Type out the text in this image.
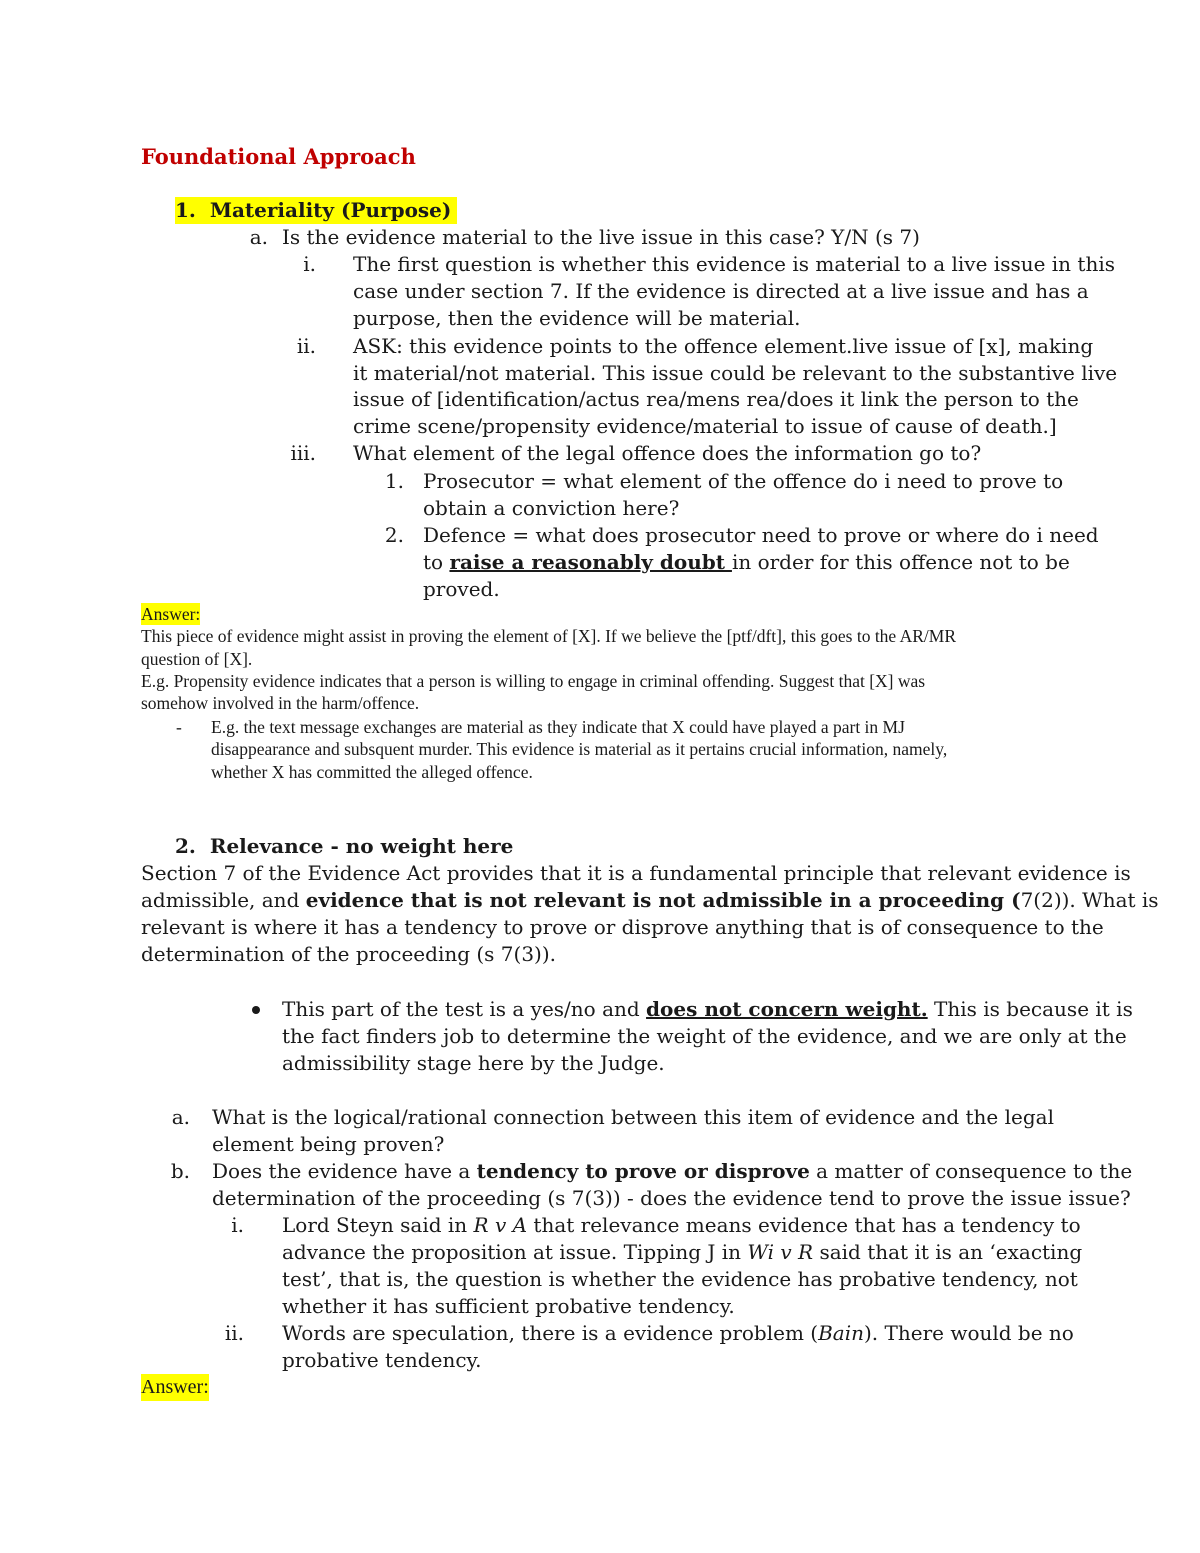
Foundational Approach
1. Materiality (Purpose)
a. Is the evidence material to the live issue in this case? Y/N (s 7)
i. The first question is whether this evidence is material to a live issue in this
case under section 7. If the evidence is directed at a live issue and has a
purpose, then the evidence will be material.
ii. ASK: this evidence points to the offence element.live issue of [x], making
it material/not material. This issue could be relevant to the substantive live
issue of [identification/actus rea/mens rea/does it link the person to the
crime scene/propensity evidence/material to issue of cause of death.]
iii. What element of the legal offence does the information go to?
1. Prosecutor = what element of the offence do i need to prove to
obtain a conviction here?
2. Defence = what does prosecutor need to prove or where do i need
to raise a reasonably doubt in order for this offence not to be
proved.
Answer:
This piece of evidence might assist in proving the element of [X]. If we believe the [ptf/dft], this goes to the AR/MR
question of [X].
E.g. Propensity evidence indicates that a person is willing to engage in criminal offending. Suggest that [X] was
somehow involved in the harm/offence.
- E.g. the text message exchanges are material as they indicate that X could have played a part in MJ
disappearance and subsquent murder. This evidence is material as it pertains crucial information, namely,
whether X has committed the alleged offence.
2. Relevance - no weight here
Section 7 of the Evidence Act provides that it is a fundamental principle that relevant evidence is
admissible, and evidence that is not relevant is not admissible in a proceeding (7(2)). What is
relevant is where it has a tendency to prove or disprove anything that is of consequence to the
determination of the proceeding (s 7(3)).
This part of the test is a yes/no and does not concern weight. This is because it is
the fact finders job to determine the weight of the evidence, and we are only at the
admissibility stage here by the Judge.
a. What is the logical/rational connection between this item of evidence and the legal
element being proven?
b. Does the evidence have a tendency to prove or disprove a matter of consequence to the
determination of the proceeding (s 7(3)) - does the evidence tend to prove the issue issue?
i. Lord Steyn said in R v A that relevance means evidence that has a tendency to
advance the proposition at issue. Tipping J in Wi v R said that it is an ‘exacting
test’, that is, the question is whether the evidence has probative tendency, not
whether it has sufficient probative tendency.
ii. Words are speculation, there is a evidence problem (Bain). There would be no
probative tendency.
Answer:
